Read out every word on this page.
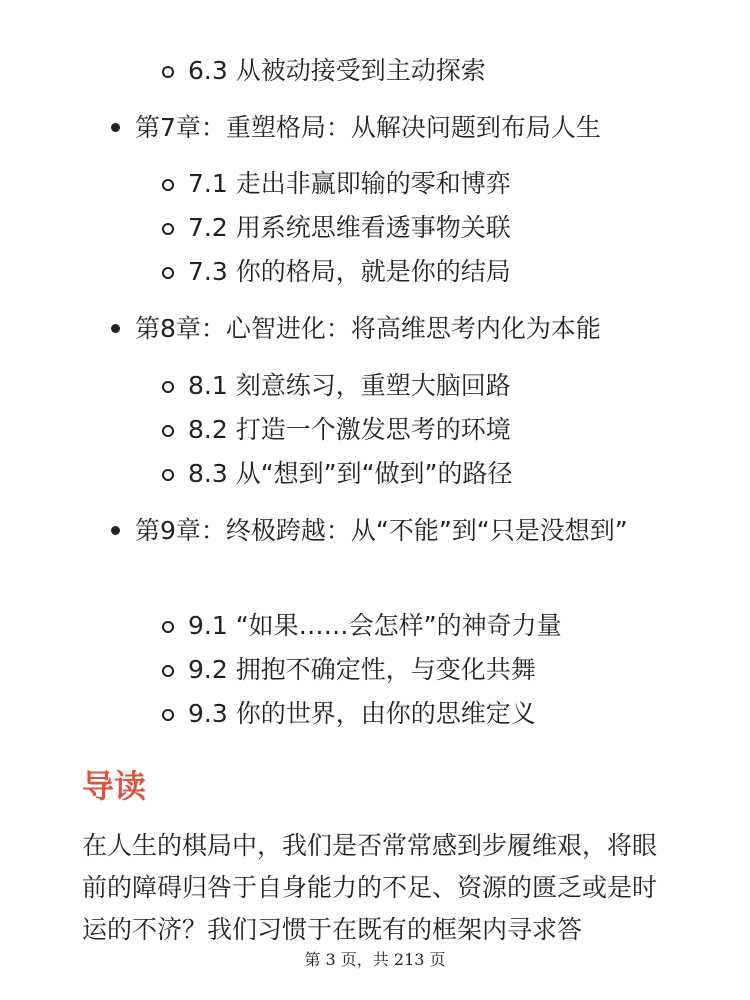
6.3 从被动接受到主动探索
第7章：重塑格局：从解决问题到布局人生
7.1 走出非赢即输的零和博弈
7.2 用系统思维看透事物关联
7.3 你的格局，就是你的结局
第8章：心智进化：将高维思考内化为本能
8.1 刻意练习，重塑大脑回路
8.2 打造一个激发思考的环境
8.3 从“想到”到“做到”的路径
第9章：终极跨越：从“不能”到“只是没想到”
9.1 “如果……会怎样”的神奇力量
9.2 拥抱不确定性，与变化共舞
9.3 你的世界，由你的思维定义
导读

在人生的棋局中，我们是否常常感到步履维艰，将眼前的障碍归咎于自身能力的不足、资源的匮乏或是时运的不济？我们习惯于在既有的框架内寻求答

第 3 页，共 213 页
